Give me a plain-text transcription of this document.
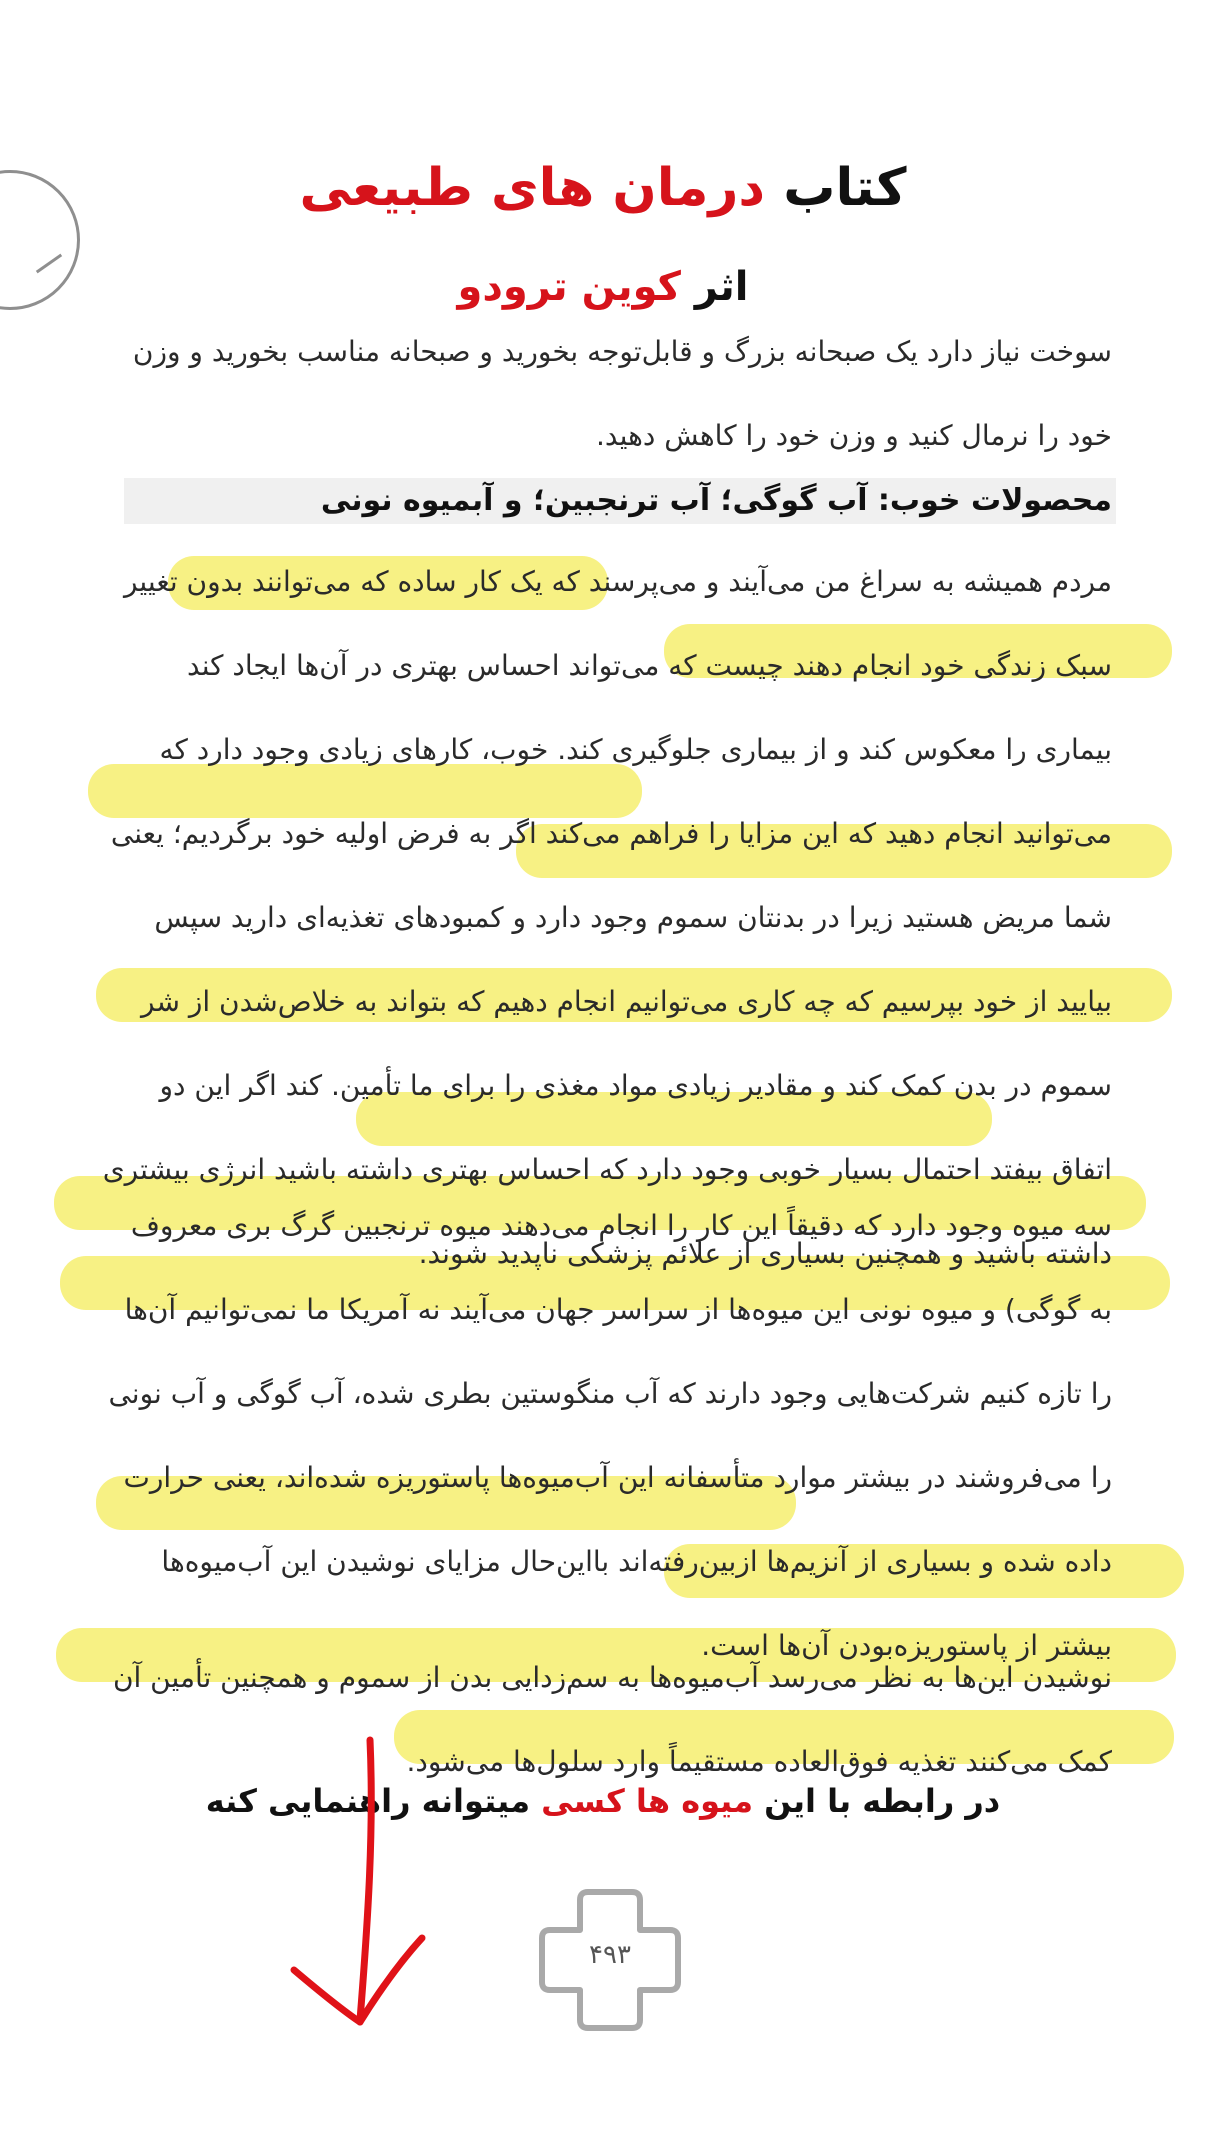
کتاب درمان های طبیعی
اثر کوین ترودو
سوخت نیاز دارد یک صبحانه بزرگ و قابل‌توجه بخورید و صبحانه مناسب بخورید و وزن
خود را نرمال کنید و وزن خود را کاهش دهید.
محصولات خوب: آب گوگی؛ آب ترنجبین؛ و آبمیوه نونی
مردم همیشه به سراغ من می‌آیند و می‌پرسند که یک کار ساده که می‌توانند بدون تغییر
سبک زندگی خود انجام دهند چیست که می‌تواند احساس بهتری در آن‌ها ایجاد کند
بیماری را معکوس کند و از بیماری جلوگیری کند. خوب، کارهای زیادی وجود دارد که
می‌توانید انجام دهید که این مزایا را فراهم می‌کند اگر به فرض اولیه خود برگردیم؛ یعنی
شما مریض هستید زیرا در بدنتان سموم وجود دارد و کمبودهای تغذیه‌ای دارید سپس
بیایید از خود بپرسیم که چه کاری می‌توانیم انجام دهیم که بتواند به خلاص‌شدن از شر
سموم در بدن کمک کند و مقادیر زیادی مواد مغذی را برای ما تأمین. کند اگر این دو
اتفاق بیفتد احتمال بسیار خوبی وجود دارد که احساس بهتری داشته باشید انرژی بیشتری
داشته باشید و همچنین بسیاری از علائم پزشکی ناپدید شوند.
سه میوه وجود دارد که دقیقاً این کار را انجام می‌دهند میوه ترنجبین گرگ بری معروف
به گوگی) و میوه نونی این میوه‌ها از سراسر جهان می‌آیند نه آمریکا ما نمی‌توانیم آن‌ها
را تازه کنیم شرکت‌هایی وجود دارند که آب منگوستین بطری شده، آب گوگی و آب نونی
را می‌فروشند در بیشتر موارد متأسفانه این آب‌میوه‌ها پاستوریزه شده‌اند، یعنی حرارت
داده شده و بسیاری از آنزیم‌ها ازبین‌رفته‌اند بااین‌حال مزایای نوشیدن این آب‌میوه‌ها
بیشتر از پاستوریزه‌بودن آن‌ها است.
نوشیدن این‌ها به نظر می‌رسد آب‌میوه‌ها به سم‌زدایی بدن از سموم و همچنین تأمین آن
کمک می‌کنند تغذیه فوق‌العاده مستقیماً وارد سلول‌ها می‌شود.
در رابطه با این میوه ها کسی میتوانه راهنمایی کنه
۴۹۳
